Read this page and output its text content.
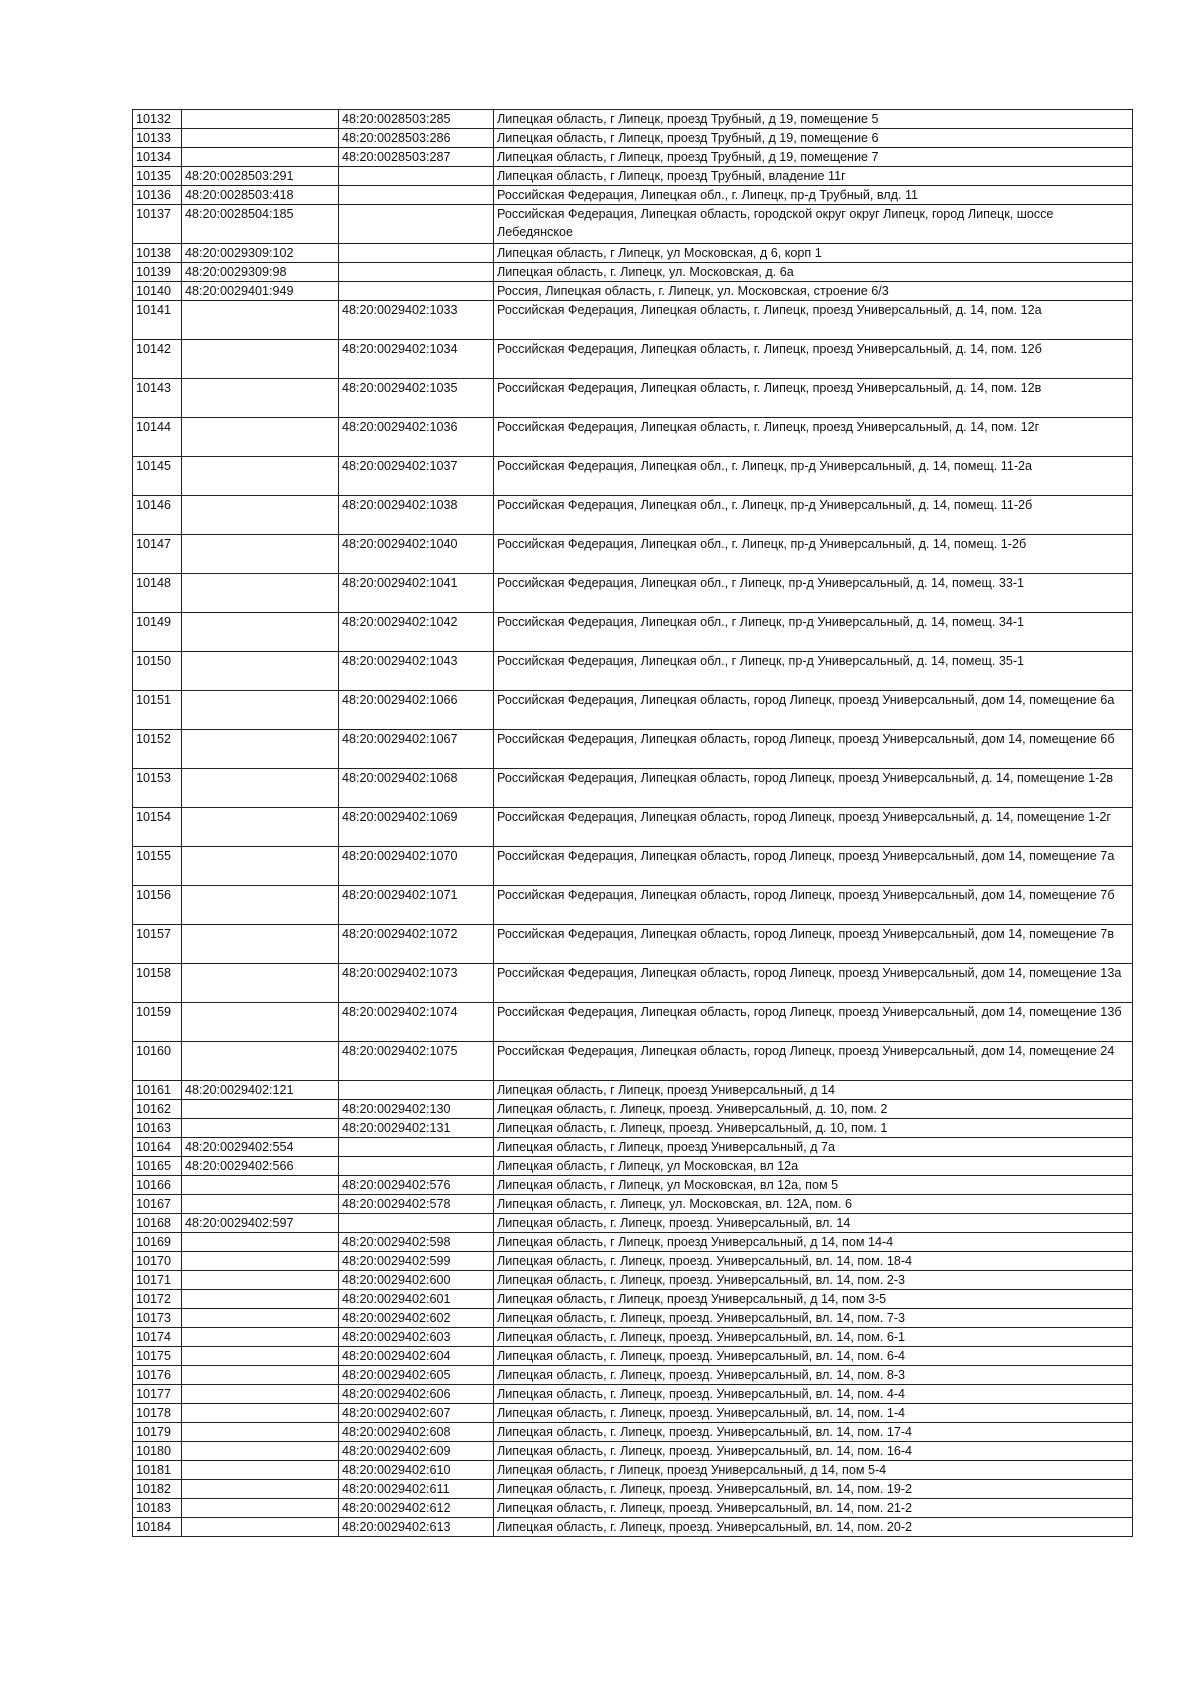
10132		48:20:0028503:285	Липецкая область, г Липецк, проезд Трубный, д 19, помещение 5
10133		48:20:0028503:286	Липецкая область, г Липецк, проезд Трубный, д 19, помещение 6
10134		48:20:0028503:287	Липецкая область, г Липецк, проезд Трубный, д 19, помещение 7
10135	48:20:0028503:291		Липецкая область, г Липецк, проезд Трубный, владение 11г
10136	48:20:0028503:418		Российская Федерация, Липецкая обл., г. Липецк, пр-д Трубный, влд. 11
10137	48:20:0028504:185		Российская Федерация, Липецкая область, городской округ округ Липецк, город Липецк, шоссе Лебедянское
10138	48:20:0029309:102		Липецкая область, г Липецк, ул Московская, д 6, корп 1
10139	48:20:0029309:98		Липецкая область, г. Липецк, ул. Московская, д. 6а
10140	48:20:0029401:949		Россия, Липецкая область, г. Липецк, ул. Московская, строение 6/3
10141		48:20:0029402:1033	Российская Федерация, Липецкая область, г. Липецк, проезд Универсальный, д. 14, пом. 12а
10142		48:20:0029402:1034	Российская Федерация, Липецкая область, г. Липецк, проезд Универсальный, д. 14, пом. 12б
10143		48:20:0029402:1035	Российская Федерация, Липецкая область, г. Липецк, проезд Универсальный, д. 14, пом. 12в
10144		48:20:0029402:1036	Российская Федерация, Липецкая область, г. Липецк, проезд Универсальный, д. 14, пом. 12г
10145		48:20:0029402:1037	Российская Федерация, Липецкая обл., г. Липецк, пр-д Универсальный, д. 14, помещ. 11-2а
10146		48:20:0029402:1038	Российская Федерация, Липецкая обл., г. Липецк, пр-д Универсальный, д. 14, помещ. 11-2б
10147		48:20:0029402:1040	Российская Федерация, Липецкая обл., г. Липецк, пр-д Универсальный, д. 14, помещ. 1-2б
10148		48:20:0029402:1041	Российская Федерация, Липецкая обл., г Липецк, пр-д Универсальный, д. 14, помещ. 33-1
10149		48:20:0029402:1042	Российская Федерация, Липецкая обл., г Липецк, пр-д Универсальный, д. 14, помещ. 34-1
10150		48:20:0029402:1043	Российская Федерация, Липецкая обл., г Липецк, пр-д Универсальный, д. 14, помещ. 35-1
10151		48:20:0029402:1066	Российская Федерация, Липецкая область, город Липецк, проезд Универсальный, дом 14, помещение 6а
10152		48:20:0029402:1067	Российская Федерация, Липецкая область, город Липецк, проезд Универсальный, дом 14, помещение 6б
10153		48:20:0029402:1068	Российская Федерация, Липецкая область, город Липецк, проезд Универсальный, д. 14, помещение 1-2в
10154		48:20:0029402:1069	Российская Федерация, Липецкая область, город Липецк, проезд Универсальный, д. 14, помещение 1-2г
10155		48:20:0029402:1070	Российская Федерация, Липецкая область, город Липецк, проезд Универсальный, дом 14, помещение 7а
10156		48:20:0029402:1071	Российская Федерация, Липецкая область, город Липецк, проезд Универсальный, дом 14, помещение 7б
10157		48:20:0029402:1072	Российская Федерация, Липецкая область, город Липецк, проезд Универсальный, дом 14, помещение 7в
10158		48:20:0029402:1073	Российская Федерация, Липецкая область, город Липецк, проезд Универсальный, дом 14, помещение 13а
10159		48:20:0029402:1074	Российская Федерация, Липецкая область, город Липецк, проезд Универсальный, дом 14, помещение 13б
10160		48:20:0029402:1075	Российская Федерация, Липецкая область, город Липецк, проезд Универсальный, дом 14, помещение 24
10161	48:20:0029402:121		Липецкая область, г Липецк, проезд Универсальный, д 14
10162		48:20:0029402:130	Липецкая область, г. Липецк, проезд. Универсальный, д. 10, пом. 2
10163		48:20:0029402:131	Липецкая область, г. Липецк, проезд. Универсальный, д. 10, пом. 1
10164	48:20:0029402:554		Липецкая область, г Липецк, проезд Универсальный, д 7а
10165	48:20:0029402:566		Липецкая область, г Липецк, ул Московская, вл 12а
10166		48:20:0029402:576	Липецкая область, г Липецк, ул Московская, вл 12а, пом 5
10167		48:20:0029402:578	Липецкая область, г. Липецк, ул. Московская, вл. 12А, пом. 6
10168	48:20:0029402:597		Липецкая область, г. Липецк, проезд. Универсальный, вл. 14
10169		48:20:0029402:598	Липецкая область, г Липецк, проезд Универсальный, д 14, пом 14-4
10170		48:20:0029402:599	Липецкая область, г. Липецк, проезд. Универсальный, вл. 14, пом. 18-4
10171		48:20:0029402:600	Липецкая область, г. Липецк, проезд. Универсальный, вл. 14, пом. 2-3
10172		48:20:0029402:601	Липецкая область, г Липецк, проезд Универсальный, д 14, пом 3-5
10173		48:20:0029402:602	Липецкая область, г. Липецк, проезд. Универсальный, вл. 14, пом. 7-3
10174		48:20:0029402:603	Липецкая область, г. Липецк, проезд. Универсальный, вл. 14, пом. 6-1
10175		48:20:0029402:604	Липецкая область, г. Липецк, проезд. Универсальный, вл. 14, пом. 6-4
10176		48:20:0029402:605	Липецкая область, г. Липецк, проезд. Универсальный, вл. 14, пом. 8-3
10177		48:20:0029402:606	Липецкая область, г. Липецк, проезд. Универсальный, вл. 14, пом. 4-4
10178		48:20:0029402:607	Липецкая область, г. Липецк, проезд. Универсальный, вл. 14, пом. 1-4
10179		48:20:0029402:608	Липецкая область, г. Липецк, проезд. Универсальный, вл. 14, пом. 17-4
10180		48:20:0029402:609	Липецкая область, г. Липецк, проезд. Универсальный, вл. 14, пом. 16-4
10181		48:20:0029402:610	Липецкая область, г Липецк, проезд Универсальный, д 14, пом 5-4
10182		48:20:0029402:611	Липецкая область, г. Липецк, проезд. Универсальный, вл. 14, пом. 19-2
10183		48:20:0029402:612	Липецкая область, г. Липецк, проезд. Универсальный, вл. 14, пом. 21-2
10184		48:20:0029402:613	Липецкая область, г. Липецк, проезд. Универсальный, вл. 14, пом. 20-2
